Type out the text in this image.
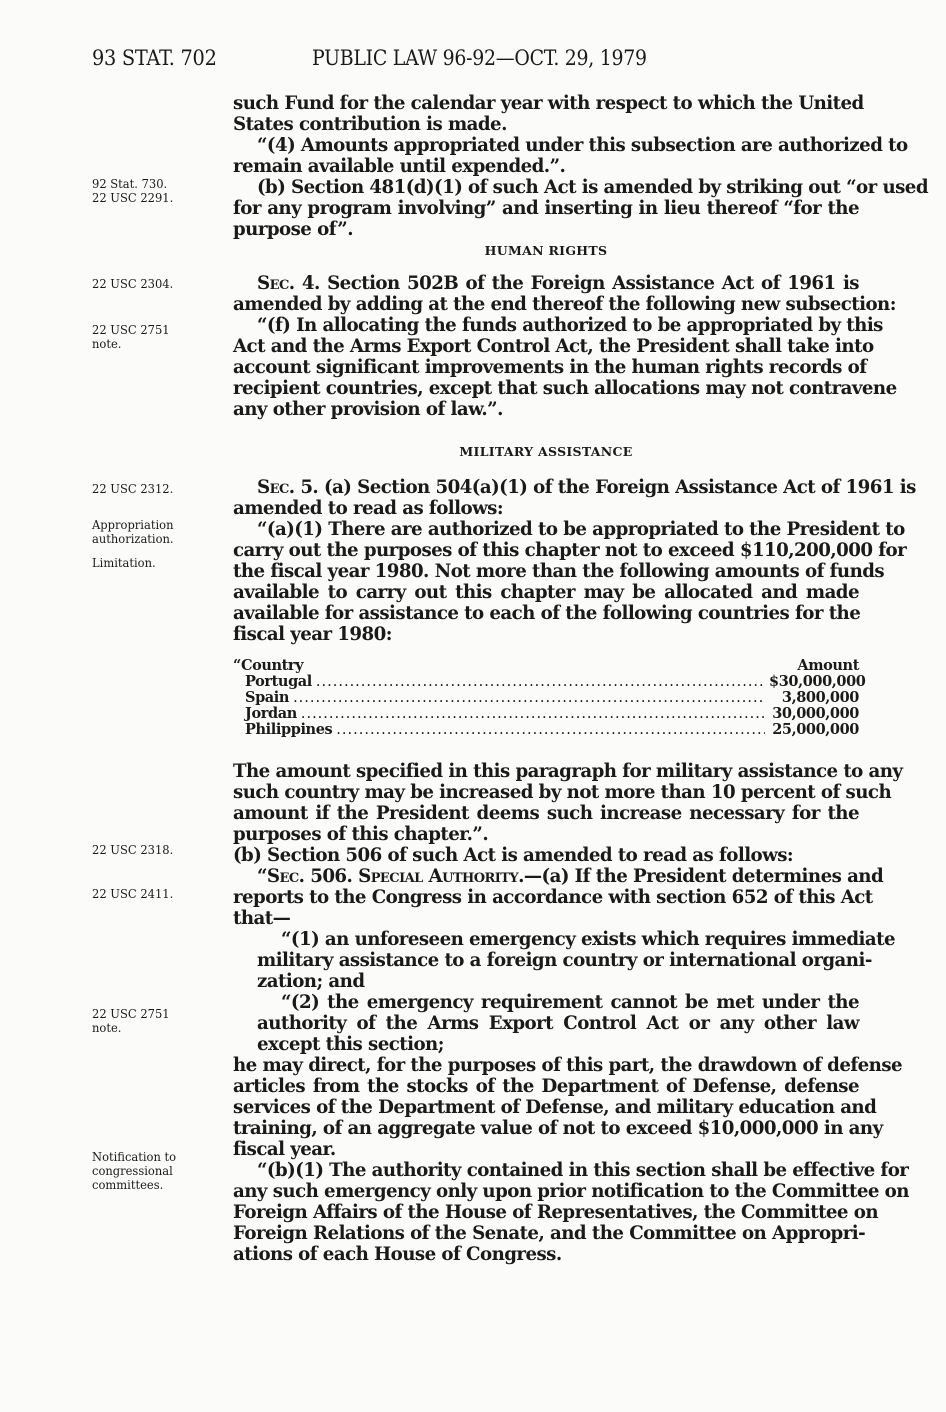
93 STAT. 702	PUBLIC LAW 96-92—OCT. 29, 1979
92 Stat. 730.
22 USC 2291.
22 USC 2304.
22 USC 2751
note.
22 USC 2312.
Appropriation
authorization.
Limitation.
22 USC 2318.
22 USC 2411.
22 USC 2751
note.
Notification to
congressional
committees.
such Fund for the calendar year with respect to which the United
States contribution is made.
“(4) Amounts appropriated under this subsection are authorized to
remain available until expended.”.
(b) Section 481(d)(1) of such Act is amended by striking out “or used
for any program involving” and inserting in lieu thereof “for the
purpose of”.
HUMAN RIGHTS
Sec. 4. Section 502B of the Foreign Assistance Act of 1961 is
amended by adding at the end thereof the following new subsection:
“(f) In allocating the funds authorized to be appropriated by this
Act and the Arms Export Control Act, the President shall take into
account significant improvements in the human rights records of
recipient countries, except that such allocations may not contravene
any other provision of law.”.
MILITARY ASSISTANCE
Sec. 5. (a) Section 504(a)(1) of the Foreign Assistance Act of 1961 is
amended to read as follows:
“(a)(1) There are authorized to be appropriated to the President to
carry out the purposes of this chapter not to exceed $110,200,000 for
the fiscal year 1980. Not more than the following amounts of funds
available to carry out this chapter may be allocated and made
available for assistance to each of the following countries for the
fiscal year 1980:
“Country	Amount
Portugal .....	$30,000,000
Spain .....	3,800,000
Jordan .....	30,000,000
Philippines .....	25,000,000
The amount specified in this paragraph for military assistance to any
such country may be increased by not more than 10 percent of such
amount if the President deems such increase necessary for the
purposes of this chapter.”.
(b) Section 506 of such Act is amended to read as follows:
“Sec. 506. Special Authority.—(a) If the President determines and
reports to the Congress in accordance with section 652 of this Act
that—
“(1) an unforeseen emergency exists which requires immediate
military assistance to a foreign country or international organi-
zation; and
“(2) the emergency requirement cannot be met under the
authority of the Arms Export Control Act or any other law
except this section;
he may direct, for the purposes of this part, the drawdown of defense
articles from the stocks of the Department of Defense, defense
services of the Department of Defense, and military education and
training, of an aggregate value of not to exceed $10,000,000 in any
fiscal year.
“(b)(1) The authority contained in this section shall be effective for
any such emergency only upon prior notification to the Committee on
Foreign Affairs of the House of Representatives, the Committee on
Foreign Relations of the Senate, and the Committee on Appropri-
ations of each House of Congress.
